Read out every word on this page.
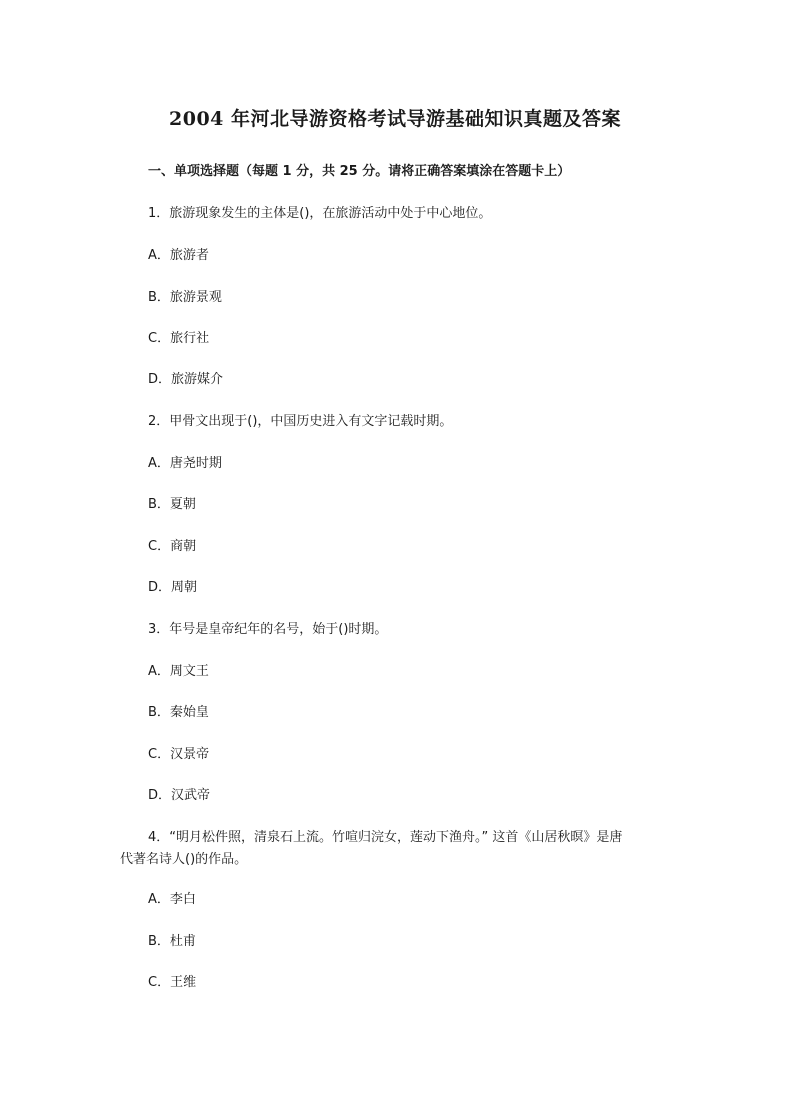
2004 年河北导游资格考试导游基础知识真题及答案
一、单项选择题（每题 1 分，共 25 分。请将正确答案填涂在答题卡上）
1．旅游现象发生的主体是()，在旅游活动中处于中心地位。
A．旅游者
B．旅游景观
C．旅行社
D．旅游媒介
2．甲骨文出现于()，中国历史进入有文字记载时期。
A．唐尧时期
B．夏朝
C．商朝
D．周朝
3．年号是皇帝纪年的名号，始于()时期。
A．周文王
B．秦始皇
C．汉景帝
D．汉武帝
4．“明月松件照，清泉石上流。竹喧归浣女，莲动下渔舟。” 这首《山居秋暝》是唐
代著名诗人()的作品。
A．李白
B．杜甫
C．王维
